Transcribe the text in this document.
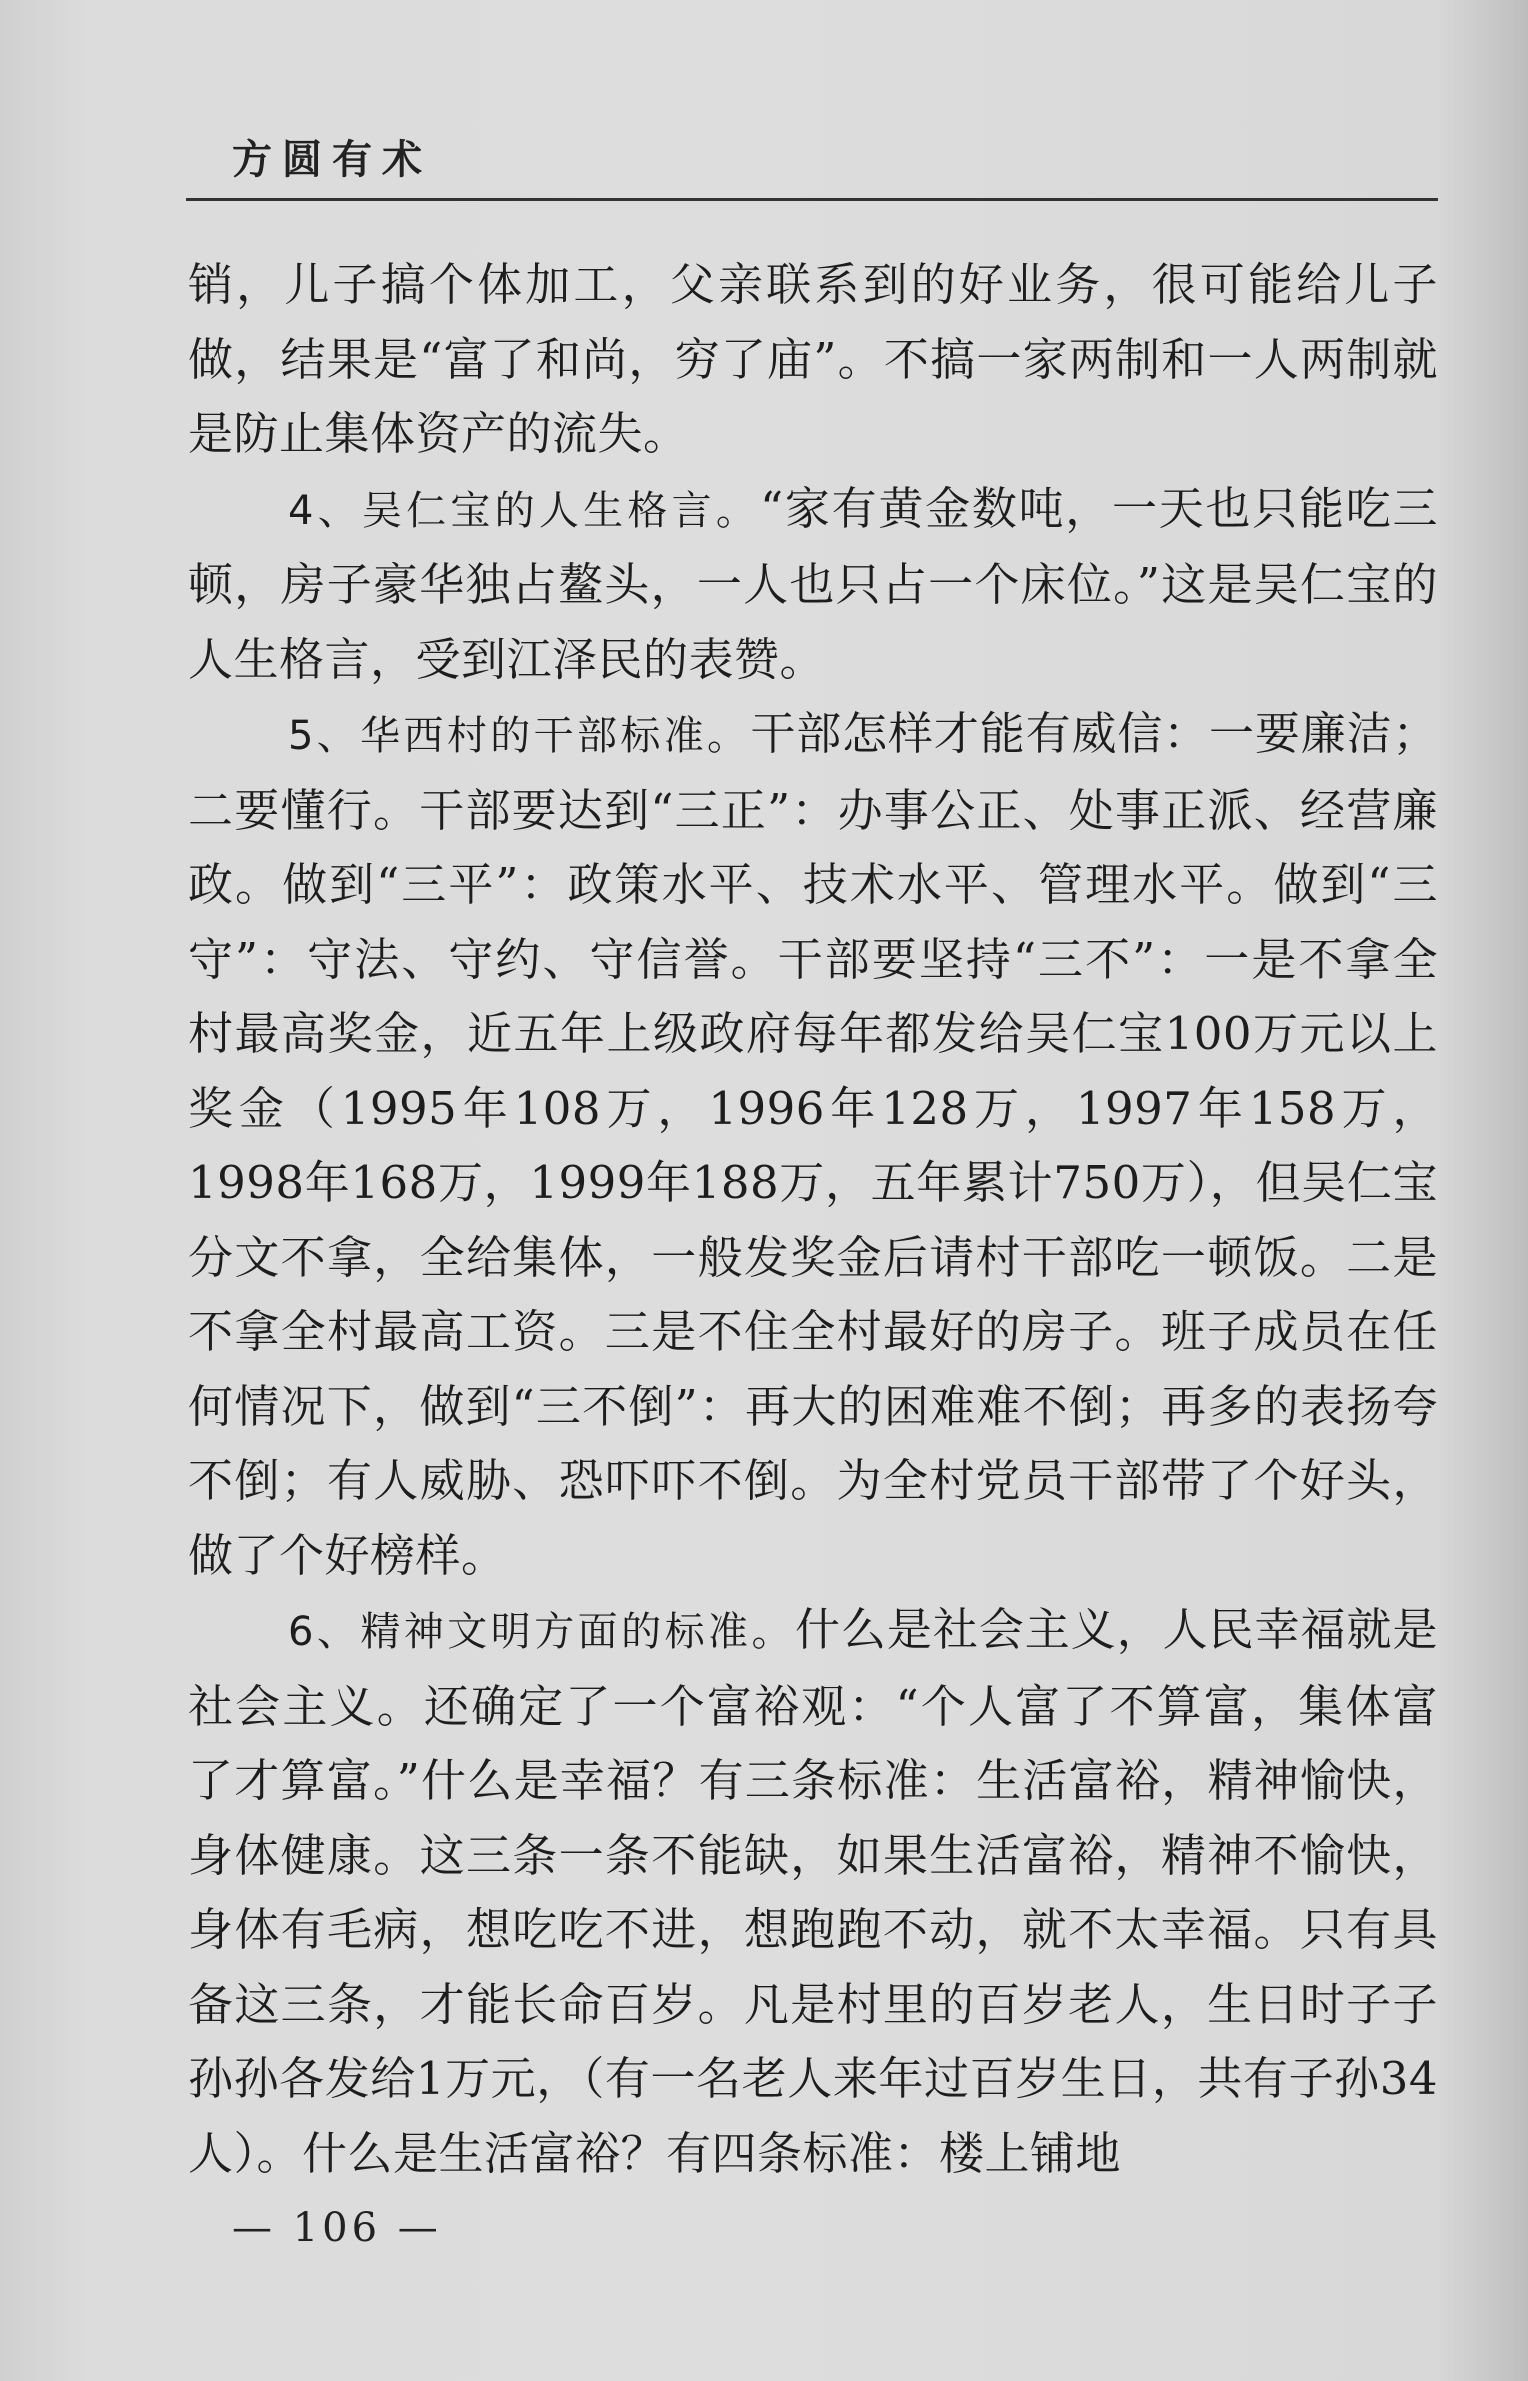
方圆有术

销，儿子搞个体加工，父亲联系到的好业务，很可能给儿子做，结果是“富了和尚，穷了庙”。不搞一家两制和一人两制就是防止集体资产的流失。

4、吴仁宝的人生格言。“家有黄金数吨，一天也只能吃三顿，房子豪华独占鳌头，一人也只占一个床位。”这是吴仁宝的人生格言，受到江泽民的表赞。

5、华西村的干部标准。干部怎样才能有威信：一要廉洁；二要懂行。干部要达到“三正”：办事公正、处事正派、经营廉政。做到“三平”：政策水平、技术水平、管理水平。做到“三守”：守法、守约、守信誉。干部要坚持“三不”：一是不拿全村最高奖金，近五年上级政府每年都发给吴仁宝100万元以上奖金（1995年108万，1996年128万，1997年158万，1998年168万，1999年188万，五年累计750万），但吴仁宝分文不拿，全给集体，一般发奖金后请村干部吃一顿饭。二是不拿全村最高工资。三是不住全村最好的房子。班子成员在任何情况下，做到“三不倒”：再大的困难难不倒；再多的表扬夸不倒；有人威胁、恐吓吓不倒。为全村党员干部带了个好头，做了个好榜样。

6、精神文明方面的标准。什么是社会主义，人民幸福就是社会主义。还确定了一个富裕观：“个人富了不算富，集体富了才算富。”什么是幸福？有三条标准：生活富裕，精神愉快，身体健康。这三条一条不能缺，如果生活富裕，精神不愉快，身体有毛病，想吃吃不进，想跑跑不动，就不太幸福。只有具备这三条，才能长命百岁。凡是村里的百岁老人，生日时子子孙孙各发给1万元，（有一名老人来年过百岁生日，共有子孙34人）。什么是生活富裕？有四条标准：楼上铺地

— 106 —
